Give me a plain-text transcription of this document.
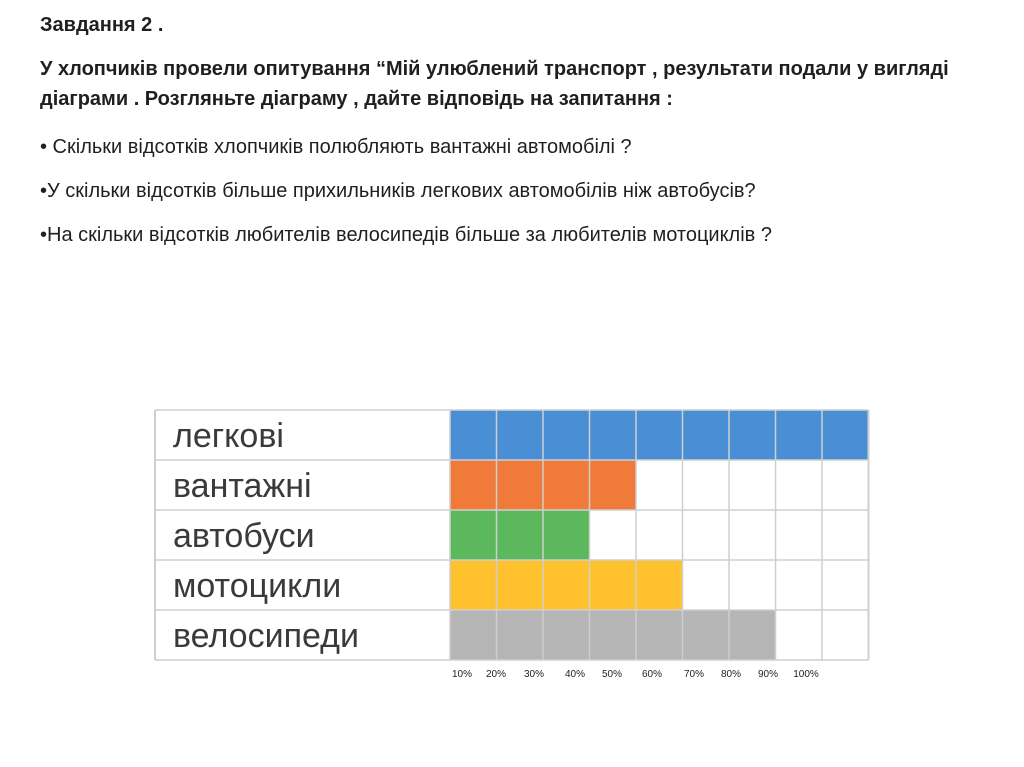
Завдання 2 .

У хлопчиків провели опитування “Мій улюблений транспорт , результати подали у вигляді діаграми . Розгляньте діаграму , дайте відповідь на запитання :

• Скільки відсотків хлопчиків полюбляють вантажні автомобілі ?

•У скільки відсотків більше прихильників легкових автомобілів ніж автобусів?

•На скільки відсотків любителів велосипедів більше за любителів мотоциклів ?

легкові
вантажні
автобуси
мотоцикли
велосипеди
10% 20% 30% 40% 50% 60% 70% 80% 90% 100%
